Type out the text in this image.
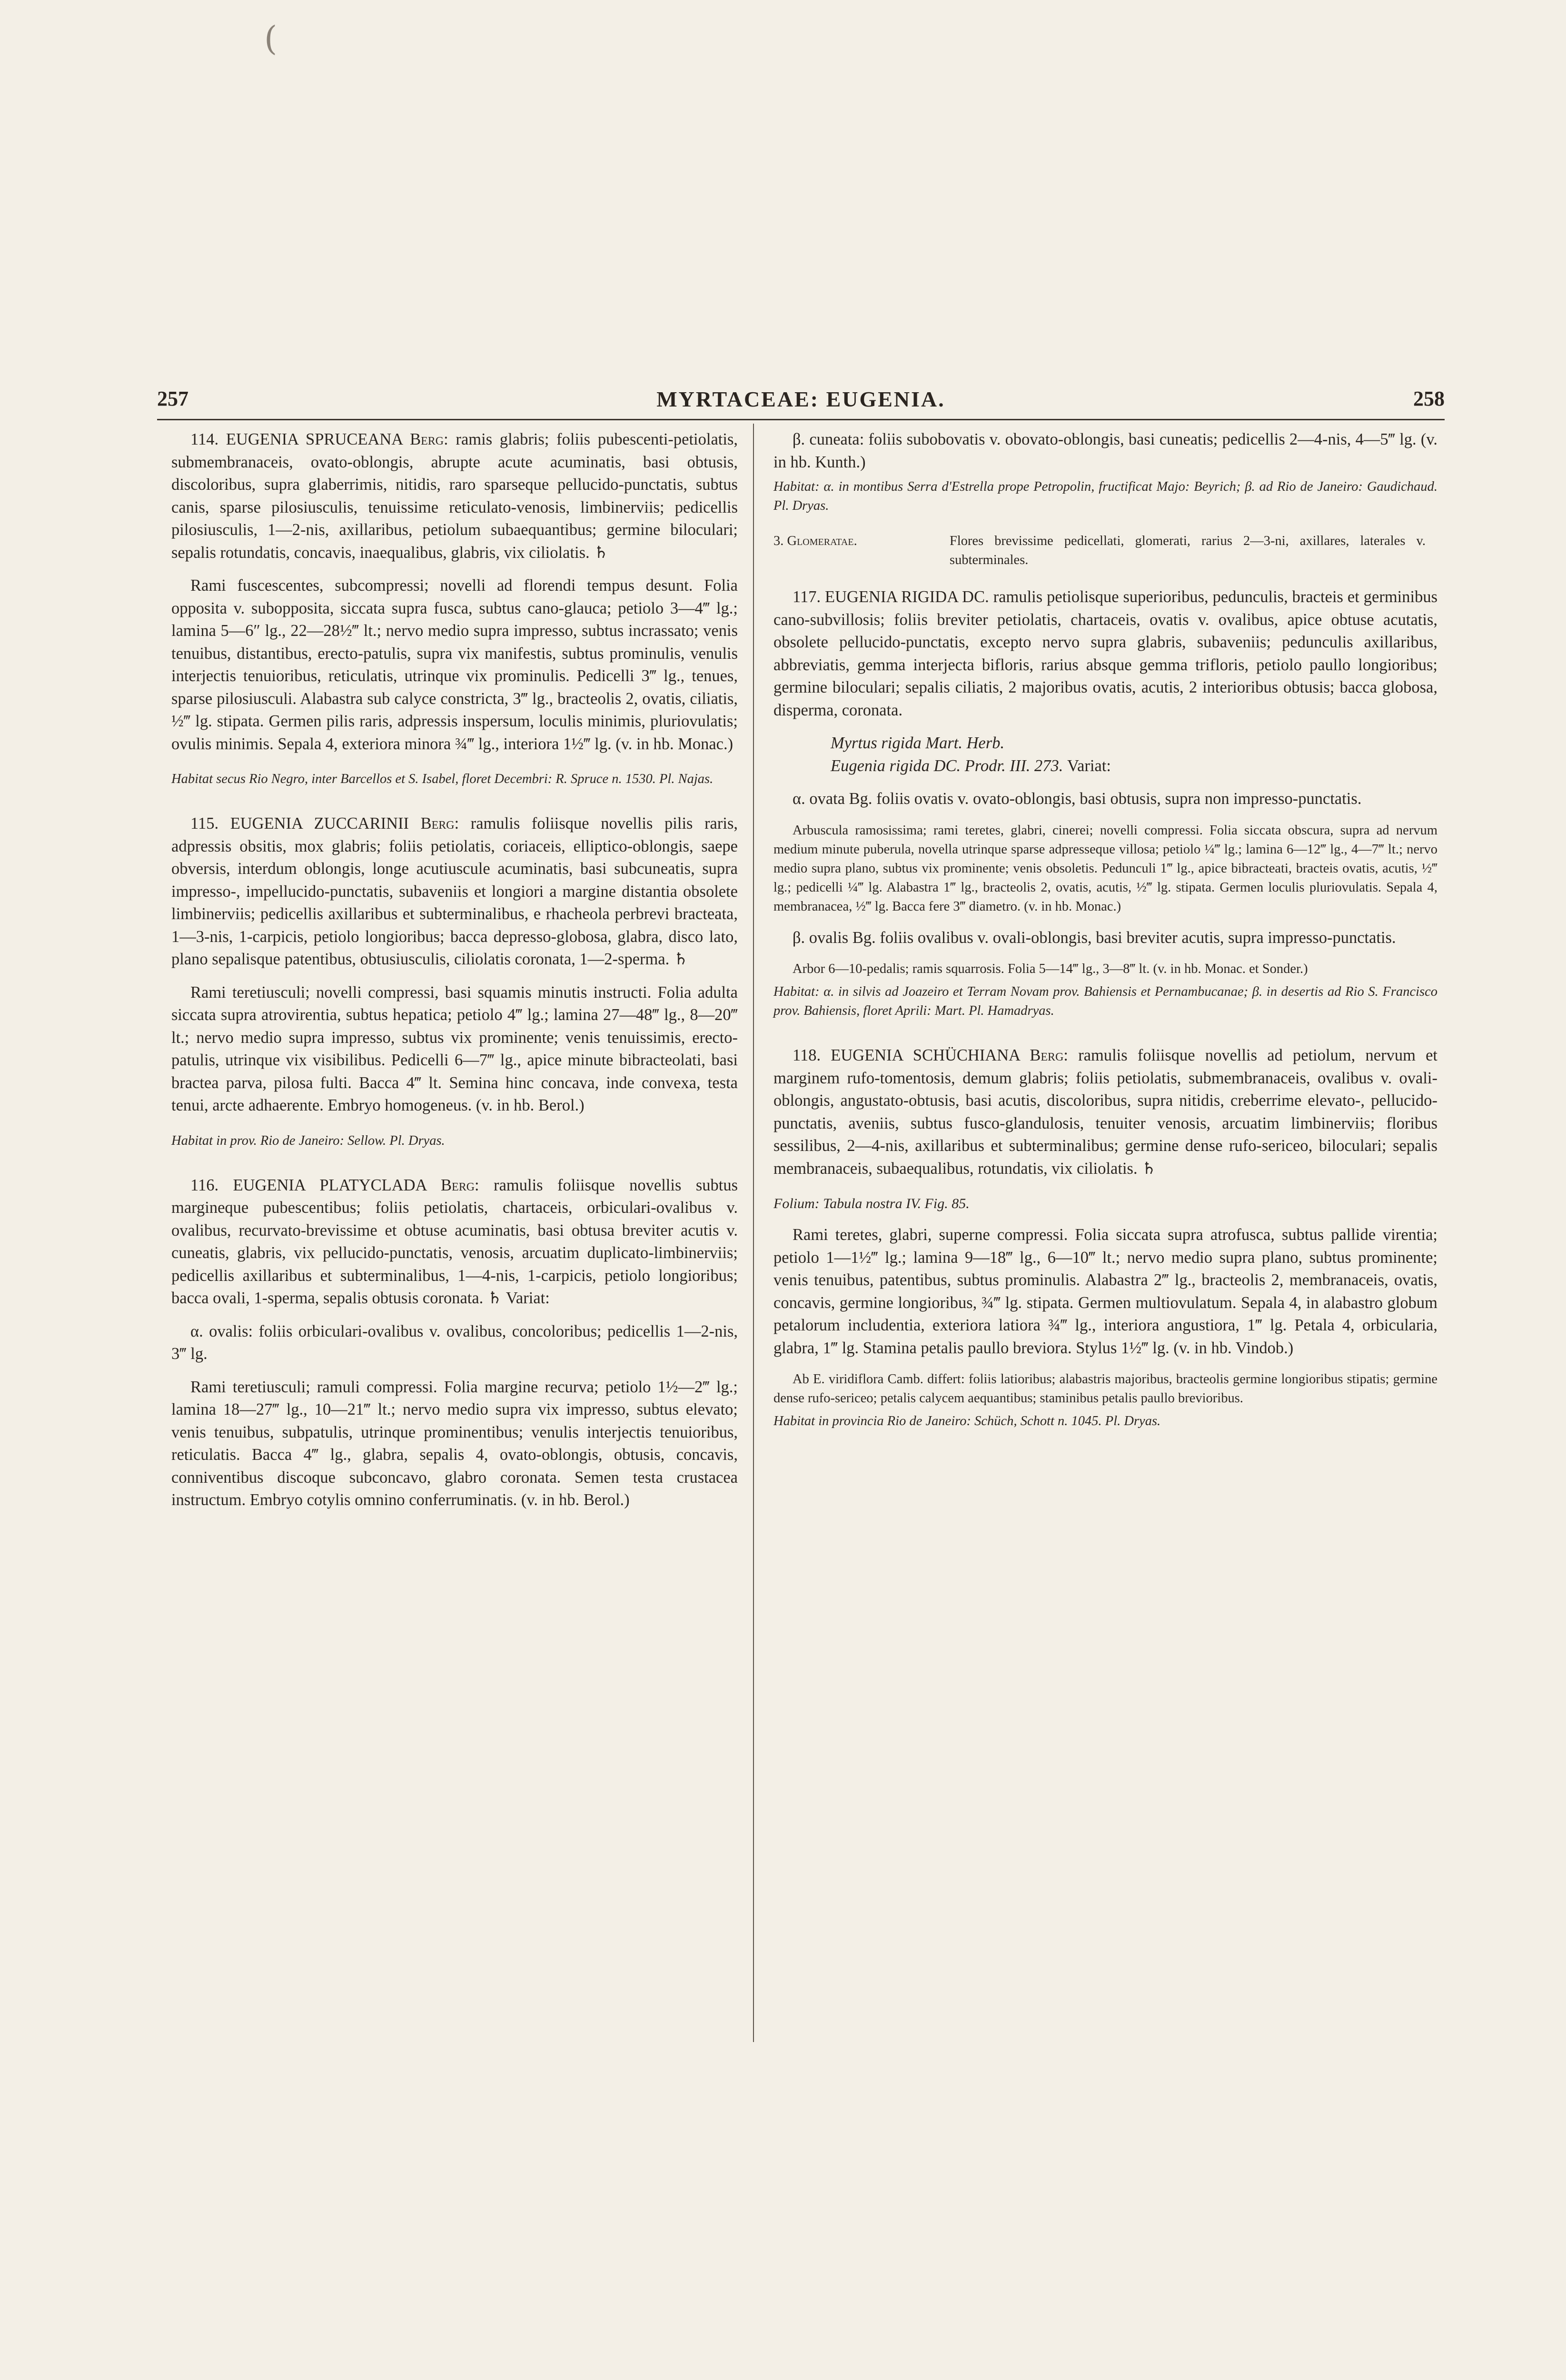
(
257	MYRTACEAE: EUGENIA.	258

114. EUGENIA SPRUCEANA Berg: ramis glabris; foliis pubescenti-petiolatis, submembranaceis, ovato-oblongis, abrupte acute acuminatis, basi obtusis, discoloribus, supra glaberrimis, nitidis, raro sparseque pellucido-punctatis, subtus canis, sparse pilosiusculis, tenuissime reticulato-venosis, limbinerviis; pedicellis pilosiusculis, 1—2-nis, axillaribus, petiolum subaequantibus; germine biloculari; sepalis rotundatis, concavis, inaequalibus, glabris, vix ciliolatis. ♄

Rami fuscescentes, subcompressi; novelli ad florendi tempus desunt. Folia opposita v. subopposita, siccata supra fusca, subtus cano-glauca; petiolo 3—4‴ lg.; lamina 5—6″ lg., 22—28½‴ lt.; nervo medio supra impresso, subtus incrassato; venis tenuibus, distantibus, erecto-patulis, supra vix manifestis, subtus prominulis, venulis interjectis tenuioribus, reticulatis, utrinque vix prominulis. Pedicelli 3‴ lg., tenues, sparse pilosiusculi. Alabastra sub calyce constricta, 3‴ lg., bracteolis 2, ovatis, ciliatis, ½‴ lg. stipata. Germen pilis raris, adpressis inspersum, loculis minimis, pluriovulatis; ovulis minimis. Sepala 4, exteriora minora ¾‴ lg., interiora 1½‴ lg. (v. in hb. Monac.)

Habitat secus Rio Negro, inter Barcellos et S. Isabel, floret Decembri: R. Spruce n. 1530. Pl. Najas.

115. EUGENIA ZUCCARINII Berg: ramulis foliisque novellis pilis raris, adpressis obsitis, mox glabris; foliis petiolatis, coriaceis, elliptico-oblongis, saepe obversis, interdum oblongis, longe acutiuscule acuminatis, basi subcuneatis, supra impresso-, impellucido-punctatis, subaveniis et longiori a margine distantia obsolete limbinerviis; pedicellis axillaribus et subterminalibus, e rhacheola perbrevi bracteata, 1—3-nis, 1-carpicis, petiolo longioribus; bacca depresso-globosa, glabra, disco lato, plano sepalisque patentibus, obtusiusculis, ciliolatis coronata, 1—2-sperma. ♄

Rami teretiusculi; novelli compressi, basi squamis minutis instructi. Folia adulta siccata supra atrovirentia, subtus hepatica; petiolo 4‴ lg.; lamina 27—48‴ lg., 8—20‴ lt.; nervo medio supra impresso, subtus vix prominente; venis tenuissimis, erecto-patulis, utrinque vix visibilibus. Pedicelli 6—7‴ lg., apice minute bibracteolati, basi bractea parva, pilosa fulti. Bacca 4‴ lt. Semina hinc concava, inde convexa, testa tenui, arcte adhaerente. Embryo homogeneus. (v. in hb. Berol.)

Habitat in prov. Rio de Janeiro: Sellow. Pl. Dryas.

116. EUGENIA PLATYCLADA Berg: ramulis foliisque novellis subtus margineque pubescentibus; foliis petiolatis, chartaceis, orbiculari-ovalibus v. ovalibus, recurvato-brevissime et obtuse acuminatis, basi obtusa breviter acutis v. cuneatis, glabris, vix pellucido-punctatis, venosis, arcuatim duplicato-limbinerviis; pedicellis axillaribus et subterminalibus, 1—4-nis, 1-carpicis, petiolo longioribus; bacca ovali, 1-sperma, sepalis obtusis coronata. ♄ Variat:

α. ovalis: foliis orbiculari-ovalibus v. ovalibus, concoloribus; pedicellis 1—2-nis, 3‴ lg.

Rami teretiusculi; ramuli compressi. Folia margine recurva; petiolo 1½—2‴ lg.; lamina 18—27‴ lg., 10—21‴ lt.; nervo medio supra vix impresso, subtus elevato; venis tenuibus, subpatulis, utrinque prominentibus; venulis interjectis tenuioribus, reticulatis. Bacca 4‴ lg., glabra, sepalis 4, ovato-oblongis, obtusis, concavis, conniventibus discoque subconcavo, glabro coronata. Semen testa crustacea instructum. Embryo cotylis omnino conferruminatis. (v. in hb. Berol.)

β. cuneata: foliis subobovatis v. obovato-oblongis, basi cuneatis; pedicellis 2—4-nis, 4—5‴ lg. (v. in hb. Kunth.)

Habitat: α. in montibus Serra d'Estrella prope Petropolin, fructificat Majo: Beyrich; β. ad Rio de Janeiro: Gaudichaud. Pl. Dryas.

3. Glomeratae.	Flores brevissime pedicellati, glomerati, rarius 2—3-ni, axillares, laterales v. subterminales.

117. EUGENIA RIGIDA DC. ramulis petiolisque superioribus, pedunculis, bracteis et germinibus cano-subvillosis; foliis breviter petiolatis, chartaceis, ovatis v. ovalibus, apice obtuse acutatis, obsolete pellucido-punctatis, excepto nervo supra glabris, subaveniis; pedunculis axillaribus, abbreviatis, gemma interjecta bifloris, rarius absque gemma trifloris, petiolo paullo longioribus; germine biloculari; sepalis ciliatis, 2 majoribus ovatis, acutis, 2 interioribus obtusis; bacca globosa, disperma, coronata.

Myrtus rigida Mart. Herb.

Eugenia rigida DC. Prodr. III. 273. Variat:

α. ovata Bg. foliis ovatis v. ovato-oblongis, basi obtusis, supra non impresso-punctatis.

Arbuscula ramosissima; rami teretes, glabri, cinerei; novelli compressi. Folia siccata obscura, supra ad nervum medium minute puberula, novella utrinque sparse adpresseque villosa; petiolo ¼‴ lg.; lamina 6—12‴ lg., 4—7‴ lt.; nervo medio supra plano, subtus vix prominente; venis obsoletis. Pedunculi 1‴ lg., apice bibracteati, bracteis ovatis, acutis, ½‴ lg.; pedicelli ¼‴ lg. Alabastra 1‴ lg., bracteolis 2, ovatis, acutis, ½‴ lg. stipata. Germen loculis pluriovulatis. Sepala 4, membranacea, ½‴ lg. Bacca fere 3‴ diametro. (v. in hb. Monac.)

β. ovalis Bg. foliis ovalibus v. ovali-oblongis, basi breviter acutis, supra impresso-punctatis.

Arbor 6—10-pedalis; ramis squarrosis. Folia 5—14‴ lg., 3—8‴ lt. (v. in hb. Monac. et Sonder.)

Habitat: α. in silvis ad Joazeiro et Terram Novam prov. Bahiensis et Pernambucanae; β. in desertis ad Rio S. Francisco prov. Bahiensis, floret Aprili: Mart. Pl. Hamadryas.

118. EUGENIA SCHÜCHIANA Berg: ramulis foliisque novellis ad petiolum, nervum et marginem rufo-tomentosis, demum glabris; foliis petiolatis, submembranaceis, ovalibus v. ovali-oblongis, angustato-obtusis, basi acutis, discoloribus, supra nitidis, creberrime elevato-, pellucido-punctatis, aveniis, subtus fusco-glandulosis, tenuiter venosis, arcuatim limbinerviis; floribus sessilibus, 2—4-nis, axillaribus et subterminalibus; germine dense rufo-sericeo, biloculari; sepalis membranaceis, subaequalibus, rotundatis, vix ciliolatis. ♄

Folium: Tabula nostra IV. Fig. 85.

Rami teretes, glabri, superne compressi. Folia siccata supra atrofusca, subtus pallide virentia; petiolo 1—1½‴ lg.; lamina 9—18‴ lg., 6—10‴ lt.; nervo medio supra plano, subtus prominente; venis tenuibus, patentibus, subtus prominulis. Alabastra 2‴ lg., bracteolis 2, membranaceis, ovatis, concavis, germine longioribus, ¾‴ lg. stipata. Germen multiovulatum. Sepala 4, in alabastro globum petalorum includentia, exteriora latiora ¾‴ lg., interiora angustiora, 1‴ lg. Petala 4, orbicularia, glabra, 1‴ lg. Stamina petalis paullo breviora. Stylus 1½‴ lg. (v. in hb. Vindob.)

Ab E. viridiflora Camb. differt: foliis latioribus; alabastris majoribus, bracteolis germine longioribus stipatis; germine dense rufo-sericeo; petalis calycem aequantibus; staminibus petalis paullo brevioribus.

Habitat in provincia Rio de Janeiro: Schüch, Schott n. 1045. Pl. Dryas.
